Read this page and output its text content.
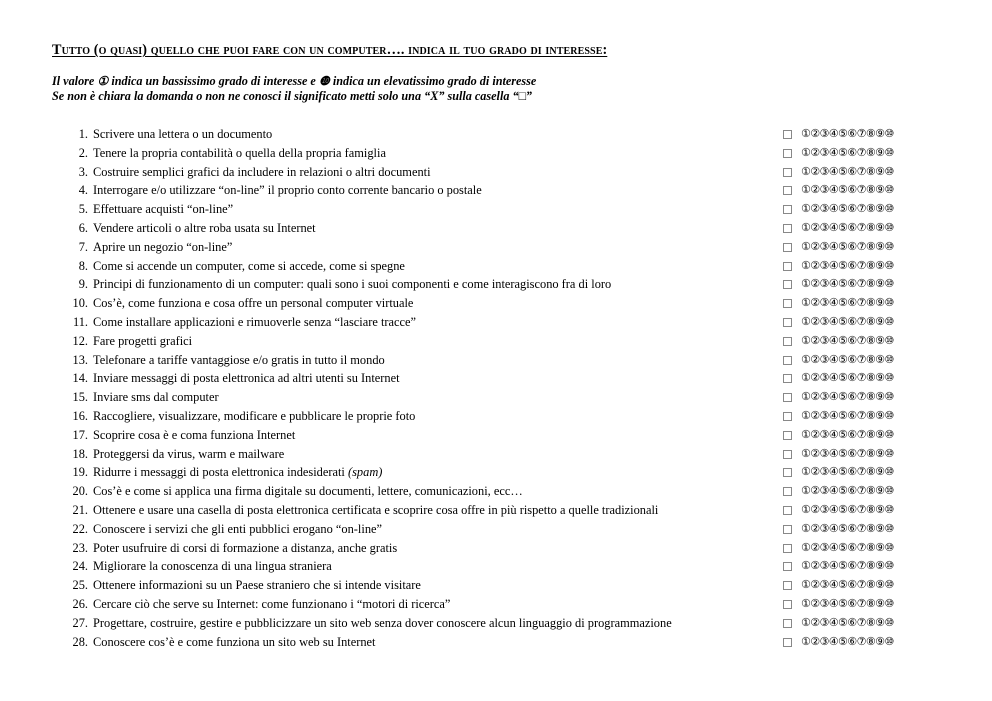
Tutto (o quasi) quello che puoi fare con un computer…. indica il tuo grado di interesse:
Il valore ① indica un bassissimo grado di interesse e ❿ indica un elevatissimo grado di interesse
Se non è chiara la domanda o non ne conosci il significato metti solo una “X” sulla casella “□”
1. Scrivere una lettera o un documento	①②③④⑤⑥⑦⑧⑨⑩
2. Tenere la propria contabilità o quella della propria famiglia	①②③④⑤⑥⑦⑧⑨⑩
3. Costruire semplici grafici da includere in relazioni o altri documenti	①②③④⑤⑥⑦⑧⑨⑩
4. Interrogare e/o utilizzare “on-line” il proprio conto corrente bancario o postale	①②③④⑤⑥⑦⑧⑨⑩
5. Effettuare acquisti “on-line”	①②③④⑤⑥⑦⑧⑨⑩
6. Vendere articoli o altre roba usata su Internet	①②③④⑤⑥⑦⑧⑨⑩
7. Aprire un negozio “on-line”	①②③④⑤⑥⑦⑧⑨⑩
8. Come si accende un computer, come si accede, come si spegne	①②③④⑤⑥⑦⑧⑨⑩
9. Principi di funzionamento di un computer: quali sono i suoi componenti e come interagiscono fra di loro	①②③④⑤⑥⑦⑧⑨⑩
10. Cos’è, come funziona e cosa offre un personal computer virtuale	①②③④⑤⑥⑦⑧⑨⑩
11. Come installare applicazioni e rimuoverle senza “lasciare tracce”	①②③④⑤⑥⑦⑧⑨⑩
12. Fare progetti grafici	①②③④⑤⑥⑦⑧⑨⑩
13. Telefonare a tariffe vantaggiose e/o gratis in tutto il mondo	①②③④⑤⑥⑦⑧⑨⑩
14. Inviare messaggi di posta elettronica ad altri utenti su Internet	①②③④⑤⑥⑦⑧⑨⑩
15. Inviare sms dal computer	①②③④⑤⑥⑦⑧⑨⑩
16. Raccogliere, visualizzare, modificare e pubblicare le proprie foto	①②③④⑤⑥⑦⑧⑨⑩
17. Scoprire cosa è e coma funziona Internet	①②③④⑤⑥⑦⑧⑨⑩
18. Proteggersi da virus, warm e mailware	①②③④⑤⑥⑦⑧⑨⑩
19. Ridurre i messaggi di posta elettronica indesiderati (spam)	①②③④⑤⑥⑦⑧⑨⑩
20. Cos’è e come si applica una firma digitale su documenti, lettere, comunicazioni, ecc…	①②③④⑤⑥⑦⑧⑨⑩
21. Ottenere e usare una casella di posta elettronica certificata e scoprire cosa offre in più rispetto a quelle tradizionali	①②③④⑤⑥⑦⑧⑨⑩
22. Conoscere i servizi che gli enti pubblici erogano “on-line”	①②③④⑤⑥⑦⑧⑨⑩
23. Poter usufruire di corsi di formazione a distanza, anche gratis	①②③④⑤⑥⑦⑧⑨⑩
24. Migliorare la conoscenza di una lingua straniera	①②③④⑤⑥⑦⑧⑨⑩
25. Ottenere informazioni su un Paese straniero che si intende visitare	①②③④⑤⑥⑦⑧⑨⑩
26. Cercare ciò che serve su Internet: come funzionano i “motori di ricerca”	①②③④⑤⑥⑦⑧⑨⑩
27. Progettare, costruire, gestire e pubblicizzare un sito web senza dover conoscere alcun linguaggio di programmazione	①②③④⑤⑥⑦⑧⑨⑩
28. Conoscere cos’è e come funziona un sito web su Internet	①②③④⑤⑥⑦⑧⑨⑩
